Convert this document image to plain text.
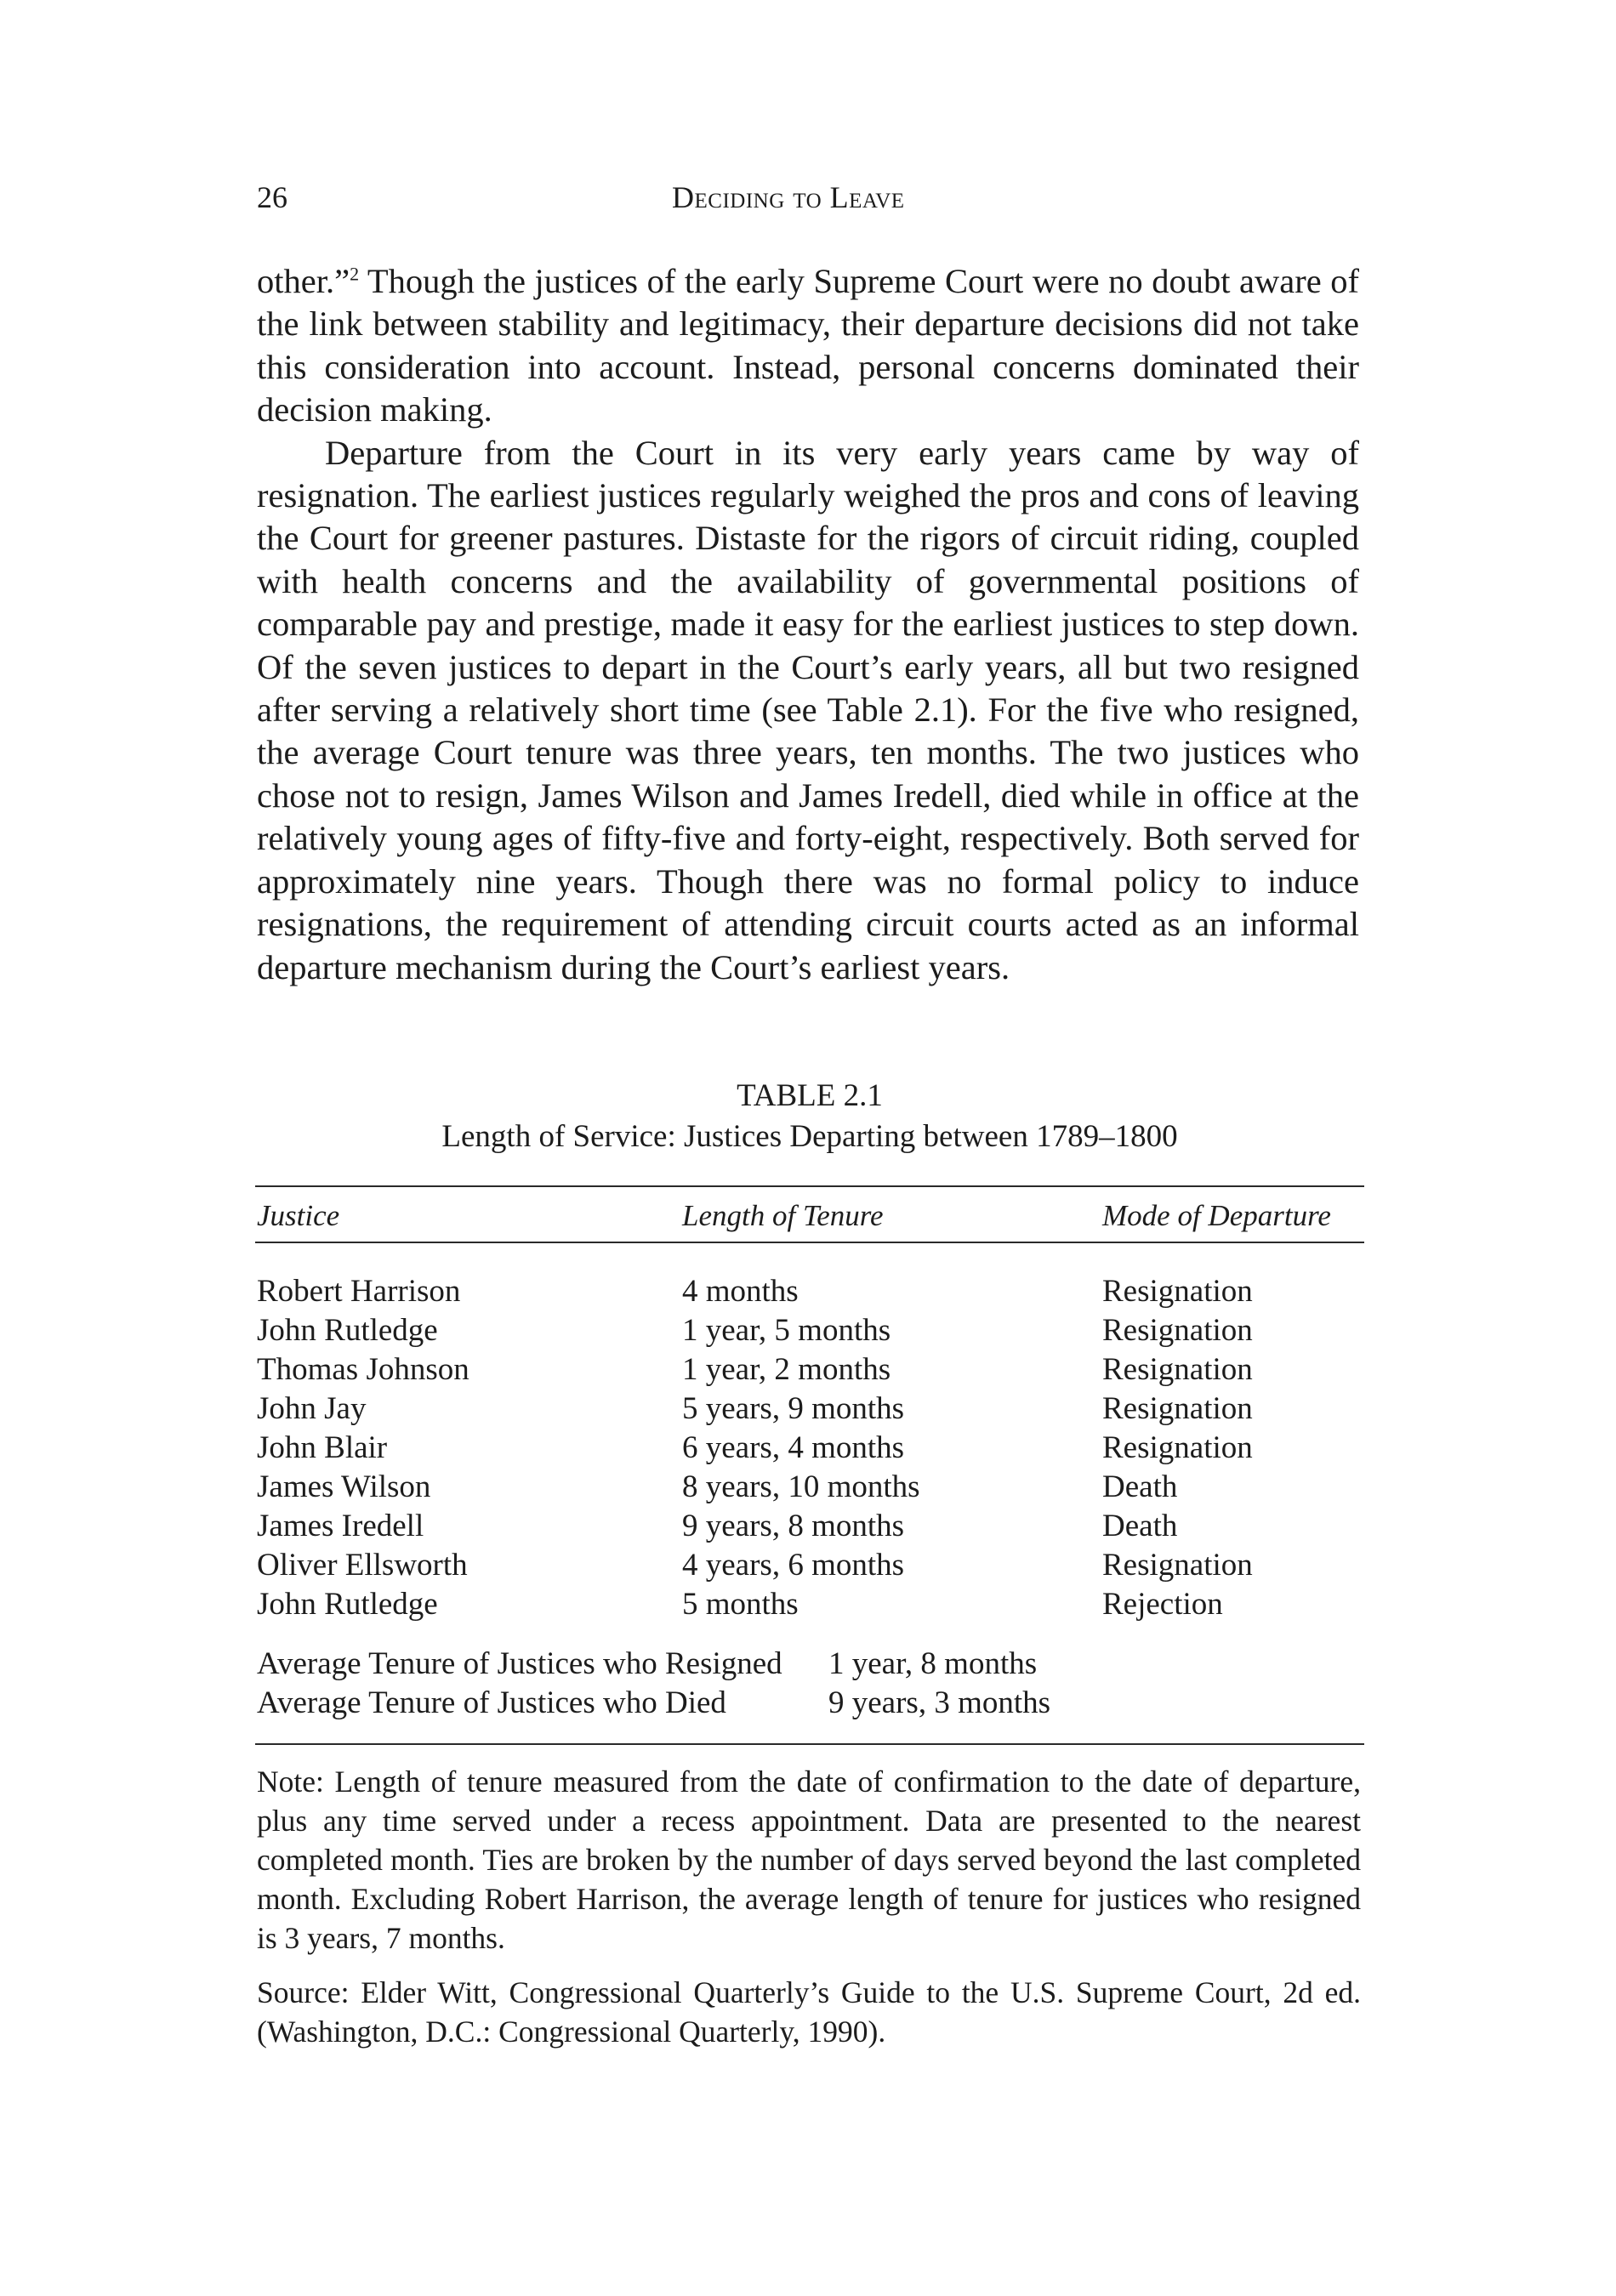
26	Deciding to Leave

other.”$^2$ Though the justices of the early Supreme Court were no doubt aware of the link between stability and legitimacy, their departure decisions did not take this consideration into account. Instead, personal concerns dominated their decision making.

Departure from the Court in its very early years came by way of resignation. The earliest justices regularly weighed the pros and cons of leaving the Court for greener pastures. Distaste for the rigors of circuit riding, coupled with health concerns and the availability of governmental positions of comparable pay and prestige, made it easy for the earliest justices to step down. Of the seven justices to depart in the Court’s early years, all but two resigned after serving a relatively short time (see Table 2.1). For the five who resigned, the average Court tenure was three years, ten months. The two justices who chose not to resign, James Wilson and James Iredell, died while in office at the relatively young ages of fifty-five and forty-eight, respectively. Both served for approximately nine years. Though there was no formal policy to induce resignations, the requirement of attending circuit courts acted as an informal departure mechanism during the Court’s earliest years.

TABLE 2.1
Length of Service: Justices Departing between 1789–1800
Justice	Length of Tenure	Mode of Departure
Robert Harrison	4 months	Resignation
John Rutledge	1 year, 5 months	Resignation
Thomas Johnson	1 year, 2 months	Resignation
John Jay	5 years, 9 months	Resignation
John Blair	6 years, 4 months	Resignation
James Wilson	8 years, 10 months	Death
James Iredell	9 years, 8 months	Death
Oliver Ellsworth	4 years, 6 months	Resignation
John Rutledge	5 months	Rejection
Average Tenure of Justices who Resigned 1 year, 8 months
Average Tenure of Justices who Died	9 years, 3 months

Note: Length of tenure measured from the date of confirmation to the date of departure, plus any time served under a recess appointment. Data are presented to the nearest completed month. Ties are broken by the number of days served beyond the last completed month. Excluding Robert Harrison, the average length of tenure for justices who resigned is 3 years, 7 months.

Source: Elder Witt, Congressional Quarterly’s Guide to the U.S. Supreme Court, 2d ed. (Washington, D.C.: Congressional Quarterly, 1990).
